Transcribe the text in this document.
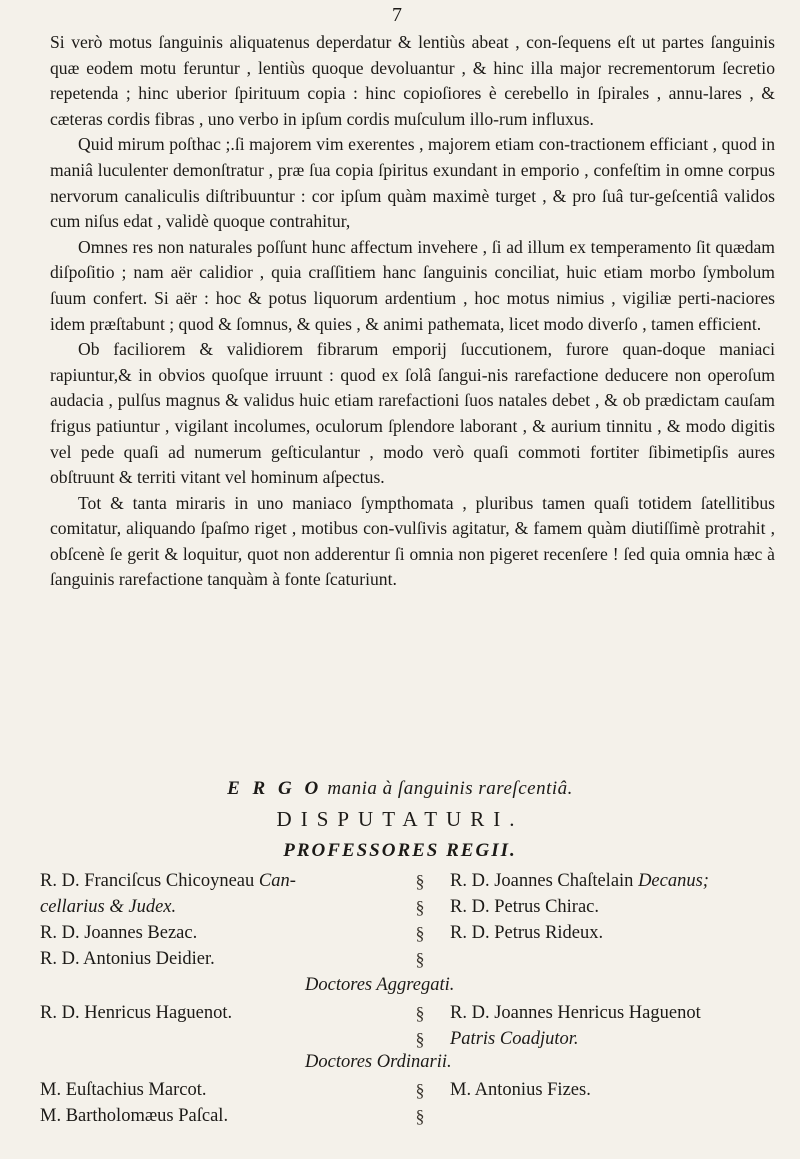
7

Si verò motus ſanguinis aliquatenus deperdatur & lentiùs abeat , con-ſequens eſt ut partes ſanguinis quæ eodem motu feruntur , lentiùs quoque devoluantur , & hinc illa major recrementorum ſecretio repetenda ; hinc uberior ſpirituum copia : hinc copioſiores è cerebello in ſpirales , annu-lares , & cæteras cordis fibras , uno verbo in ipſum cordis muſculum illo-rum influxus.

Quid mirum poſthac ;.ſi majorem vim exerentes , majorem etiam con-tractionem efficiant , quod in maniâ luculenter demonſtratur , præ ſua copia ſpiritus exundant in emporio , confeſtim in omne corpus nervorum canaliculis diſtribuuntur : cor ipſum quàm maximè turget , & pro ſuâ tur-geſcentiâ validos cum niſus edat , validè quoque contrahitur,

Omnes res non naturales poſſunt hunc affectum invehere , ſi ad illum ex temperamento ſit quædam diſpoſitio ; nam aër calidior , quia craſſitiem hanc ſanguinis conciliat, huic etiam morbo ſymbolum ſuum confert. Si aër : hoc & potus liquorum ardentium , hoc motus nimius , vigiliæ perti-naciores idem præſtabunt ; quod & ſomnus, & quies , & animi pathemata, licet modo diverſo , tamen efficient.

Ob faciliorem & validiorem fibrarum emporij ſuccutionem, furore quan-doque maniaci rapiuntur,& in obvios quoſque irruunt : quod ex ſolâ ſangui-nis rarefactione deducere non operoſum audacia , pulſus magnus & validus huic etiam rarefactioni ſuos natales debet , & ob prædictam cauſam frigus patiuntur , vigilant incolumes, oculorum ſplendore laborant , & aurium tinnitu , & modo digitis vel pede quaſi ad numerum geſticulantur , modo verò quaſi commoti fortiter ſibimetipſis aures obſtruunt & territi vitant vel hominum aſpectus.

Tot & tanta miraris in uno maniaco ſympthomata , pluribus tamen quaſi totidem ſatellitibus comitatur, aliquando ſpaſmo riget , motibus con-vulſivis agitatur, & famem quàm diutiſſimè protrahit , obſcenè ſe gerit & loquitur, quot non adderentur ſi omnia non pigeret recenſere ! ſed quia omnia hæc à ſanguinis rarefactione tanquàm à fonte ſcaturiunt.

E R G O mania à ſanguinis rareſcentiâ.
DISPUTATURI.
PROFESSORES REGII.
R. D. Franciſcus Chicoyneau Can-
cellarius & Judex.
R. D. Joannes Bezac.
R. D. Antonius Deidier.
§
§
§
§
R. D. Joannes Chaſtelain Decanus;
R. D. Petrus Chirac.
R. D. Petrus Rideux.
Doctores Aggregati.
R. D. Henricus Haguenot.	§
§
R. D. Joannes Henricus Haguenot
Patris Coadjutor.
Doctores Ordinarii.
M. Euſtachius Marcot.
M. Bartholomæus Paſcal.
§
§
M. Antonius Fizes.
